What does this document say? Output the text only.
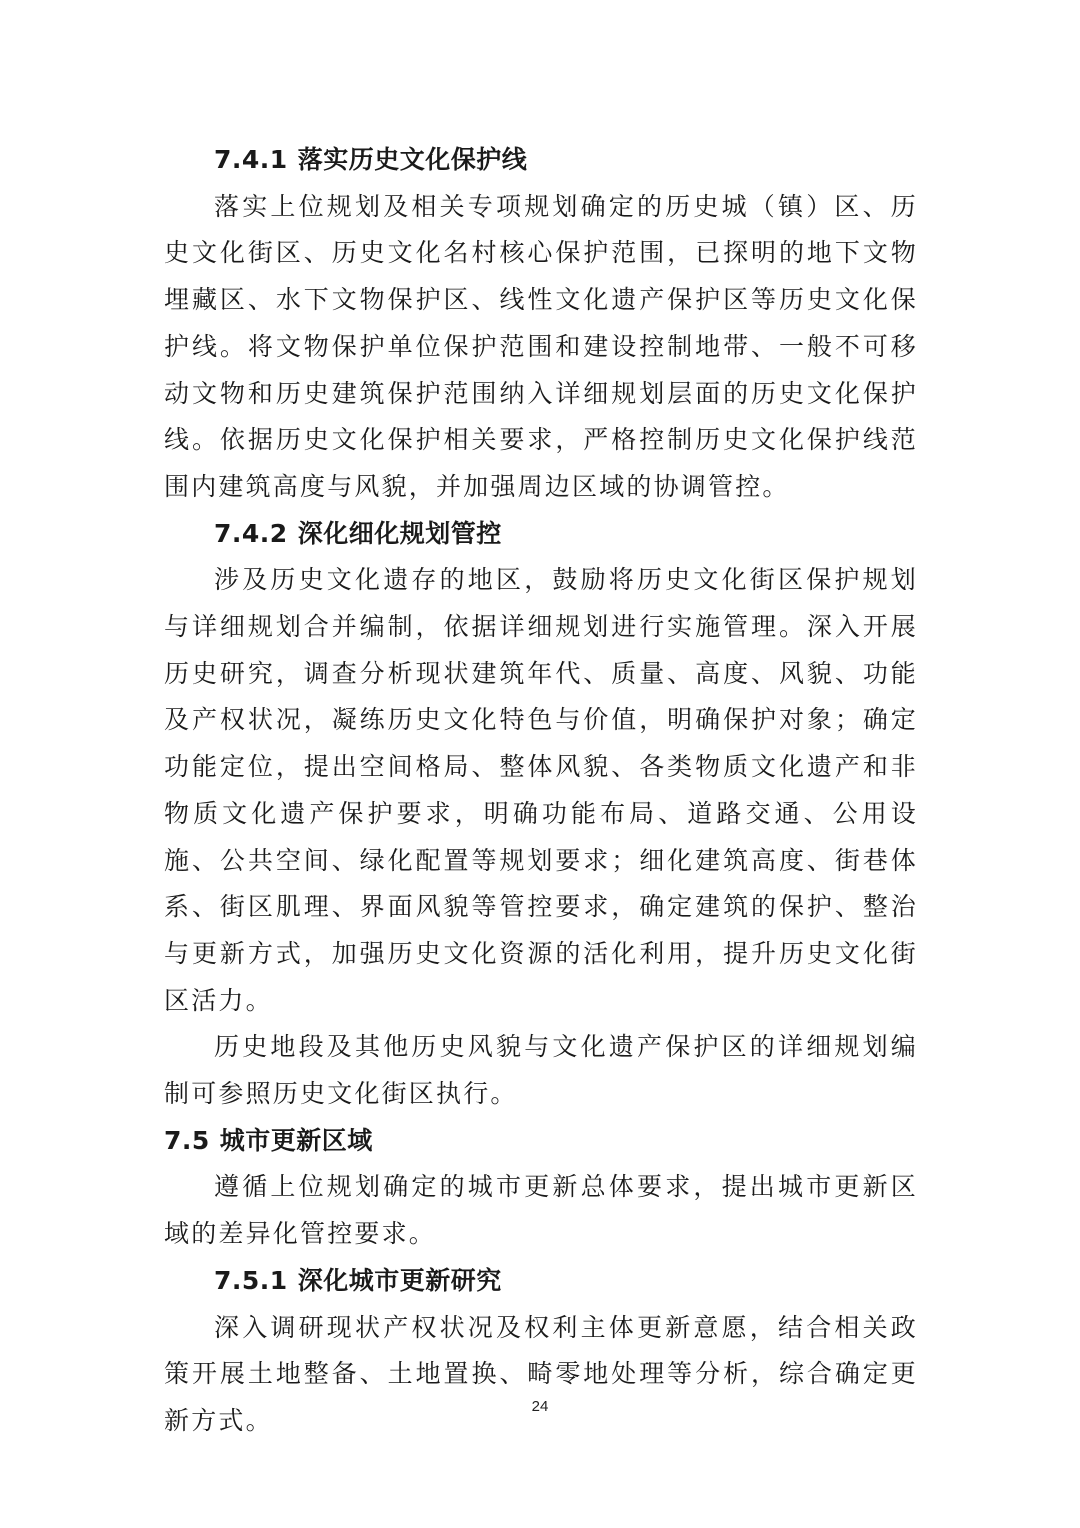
7.4.1 落实历史文化保护线

落实上位规划及相关专项规划确定的历史城（镇）区、历史文化街区、历史文化名村核心保护范围，已探明的地下文物埋藏区、水下文物保护区、线性文化遗产保护区等历史文化保护线。将文物保护单位保护范围和建设控制地带、一般不可移动文物和历史建筑保护范围纳入详细规划层面的历史文化保护线。依据历史文化保护相关要求，严格控制历史文化保护线范围内建筑高度与风貌，并加强周边区域的协调管控。

7.4.2 深化细化规划管控

涉及历史文化遗存的地区，鼓励将历史文化街区保护规划与详细规划合并编制，依据详细规划进行实施管理。深入开展历史研究，调查分析现状建筑年代、质量、高度、风貌、功能及产权状况，凝练历史文化特色与价值，明确保护对象；确定功能定位，提出空间格局、整体风貌、各类物质文化遗产和非物质文化遗产保护要求，明确功能布局、道路交通、公用设施、公共空间、绿化配置等规划要求；细化建筑高度、街巷体系、街区肌理、界面风貌等管控要求，确定建筑的保护、整治与更新方式，加强历史文化资源的活化利用，提升历史文化街区活力。

历史地段及其他历史风貌与文化遗产保护区的详细规划编制可参照历史文化街区执行。

7.5 城市更新区域

遵循上位规划确定的城市更新总体要求，提出城市更新区域的差异化管控要求。

7.5.1 深化城市更新研究

深入调研现状产权状况及权利主体更新意愿，结合相关政策开展土地整备、土地置换、畸零地处理等分析，综合确定更新方式。	24
